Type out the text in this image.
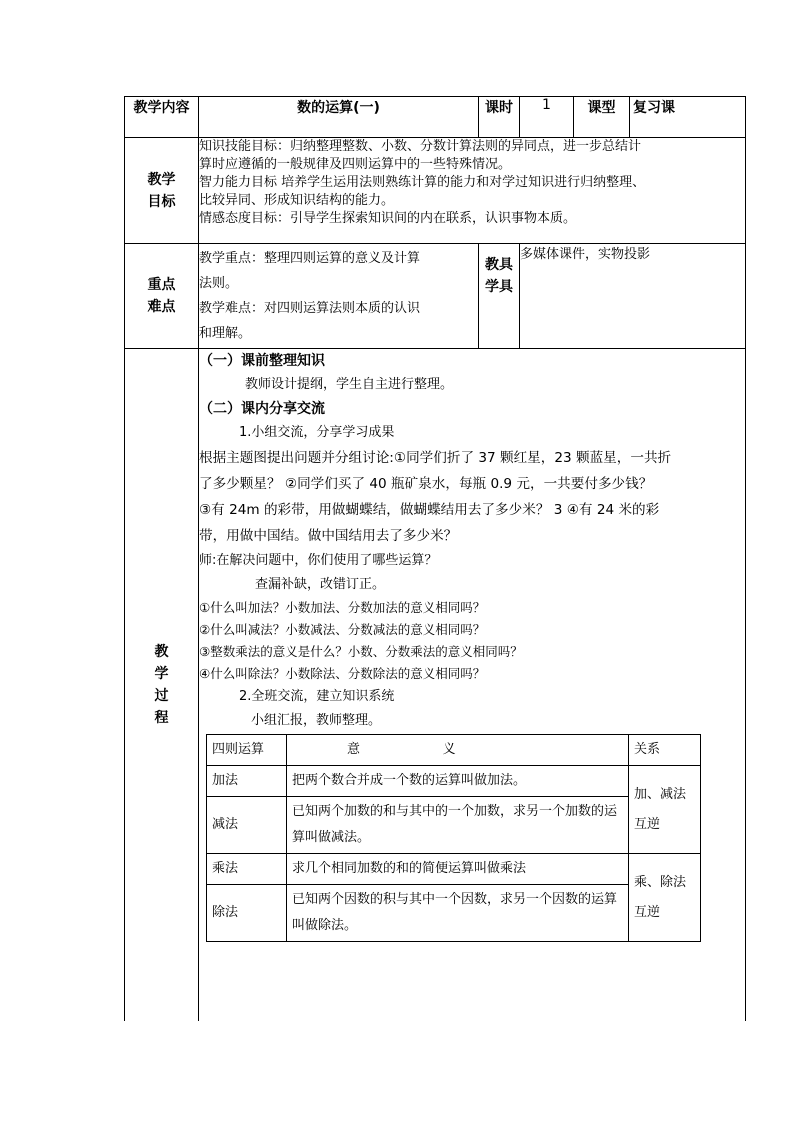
教学内容	数的运算(一)	课时	1	课型	复习课

教学
目标

知识技能目标：归纳整理整数、小数、分数计算法则的异同点，进一步总结计
算时应遵循的一般规律及四则运算中的一些特殊情况。
智力能力目标 培养学生运用法则熟练计算的能力和对学过知识进行归纳整理、
比较异同、形成知识结构的能力。
情感态度目标：引导学生探索知识间的内在联系，认识事物本质。

重点
难点

教学重点：整理四则运算的意义及计算
法则。
教学难点：对四则运算法则本质的认识
和理解。

教具
学具
	多媒体课件，实物投影

教
学
过
程

（一）课前整理知识

教师设计提纲，学生自主进行整理。

（二）课内分享交流

1.小组交流，分享学习成果

根据主题图提出问题并分组讨论:①同学们折了 37 颗红星，23 颗蓝星，一共折

了多少颗星？ ②同学们买了 40 瓶矿泉水，每瓶 0.9 元，一共要付多少钱？

③有 24m 的彩带，用做蝴蝶结，做蝴蝶结用去了多少米？ 3 ④有 24 米的彩

带，用做中国结。做中国结用去了多少米？

师:在解决问题中，你们使用了哪些运算？

查漏补缺，改错订正。

①什么叫加法？小数加法、分数加法的意义相同吗？

②什么叫减法？小数减法、分数减法的意义相同吗？

③整数乘法的意义是什么？小数、分数乘法的意义相同吗？

④什么叫除法？小数除法、分数除法的意义相同吗？

2.全班交流，建立知识系统

小组汇报，教师整理。

四则运算	意                    义	关系
加法	把两个数合并成一个数的运算叫做加法。	加、减法互逆
减法	已知两个加数的和与其中的一个加数，求另一个加数的运算叫做减法。
乘法	求几个相同加数的和的简便运算叫做乘法	乘、除法互逆
除法	已知两个因数的积与其中一个因数，求另一个因数的运算叫做除法。
